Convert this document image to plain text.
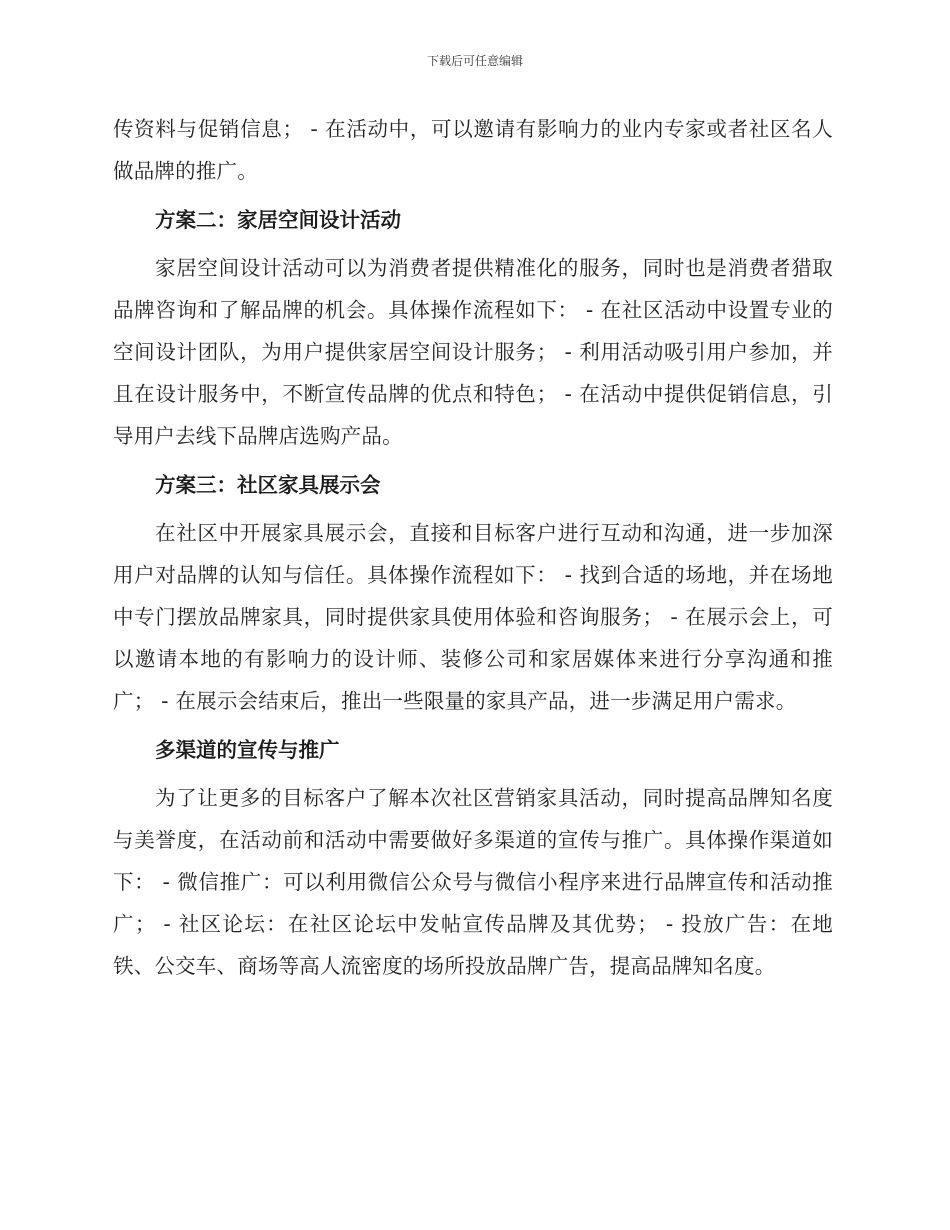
下载后可任意编辑

传资料与促销信息； - 在活动中，可以邀请有影响力的业内专家或者社区名人做品牌的推广。

方案二：家居空间设计活动

家居空间设计活动可以为消费者提供精准化的服务，同时也是消费者猎取品牌咨询和了解品牌的机会。具体操作流程如下： - 在社区活动中设置专业的空间设计团队，为用户提供家居空间设计服务； - 利用活动吸引用户参加，并且在设计服务中，不断宣传品牌的优点和特色； - 在活动中提供促销信息，引导用户去线下品牌店选购产品。

方案三：社区家具展示会

在社区中开展家具展示会，直接和目标客户进行互动和沟通，进一步加深用户对品牌的认知与信任。具体操作流程如下： - 找到合适的场地，并在场地中专门摆放品牌家具，同时提供家具使用体验和咨询服务； - 在展示会上，可以邀请本地的有影响力的设计师、装修公司和家居媒体来进行分享沟通和推广； - 在展示会结束后，推出一些限量的家具产品，进一步满足用户需求。

多渠道的宣传与推广

为了让更多的目标客户了解本次社区营销家具活动，同时提高品牌知名度与美誉度，在活动前和活动中需要做好多渠道的宣传与推广。具体操作渠道如下： - 微信推广：可以利用微信公众号与微信小程序来进行品牌宣传和活动推广； - 社区论坛：在社区论坛中发帖宣传品牌及其优势； - 投放广告：在地铁、公交车、商场等高人流密度的场所投放品牌广告，提高品牌知名度。
